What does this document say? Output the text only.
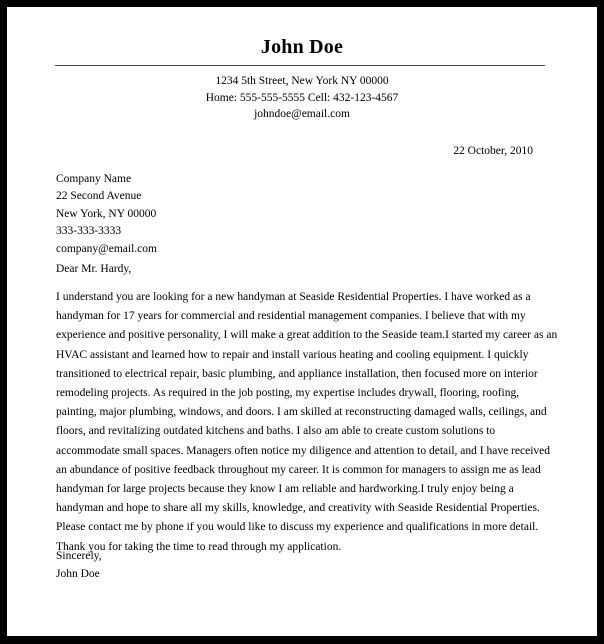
John Doe
1234 5th Street, New York NY 00000
Home: 555-555-5555 Cell: 432-123-4567
johndoe@email.com
22 October, 2010
Company Name
22 Second Avenue
New York, NY 00000
333-333-3333
company@email.com
Dear Mr. Hardy,

I understand you are looking for a new handyman at Seaside Residential Properties. I have worked as a handyman for 17 years for commercial and residential management companies. I believe that with my experience and positive personality, I will make a great addition to the Seaside team.I started my career as an HVAC assistant and learned how to repair and install various heating and cooling equipment. I quickly transitioned to electrical repair, basic plumbing, and appliance installation, then focused more on interior remodeling projects. As required in the job posting, my expertise includes drywall, flooring, roofing, painting, major plumbing, windows, and doors. I am skilled at reconstructing damaged walls, ceilings, and floors, and revitalizing outdated kitchens and baths. I also am able to create custom solutions to accommodate small spaces. Managers often notice my diligence and attention to detail, and I have received an abundance of positive feedback throughout my career. It is common for managers to assign me as lead handyman for large projects because they know I am reliable and hardworking.I truly enjoy being a handyman and hope to share all my skills, knowledge, and creativity with Seaside Residential Properties. Please contact me by phone if you would like to discuss my experience and qualifications in more detail. Thank you for taking the time to read through my application.

Sincerely,
John Doe
